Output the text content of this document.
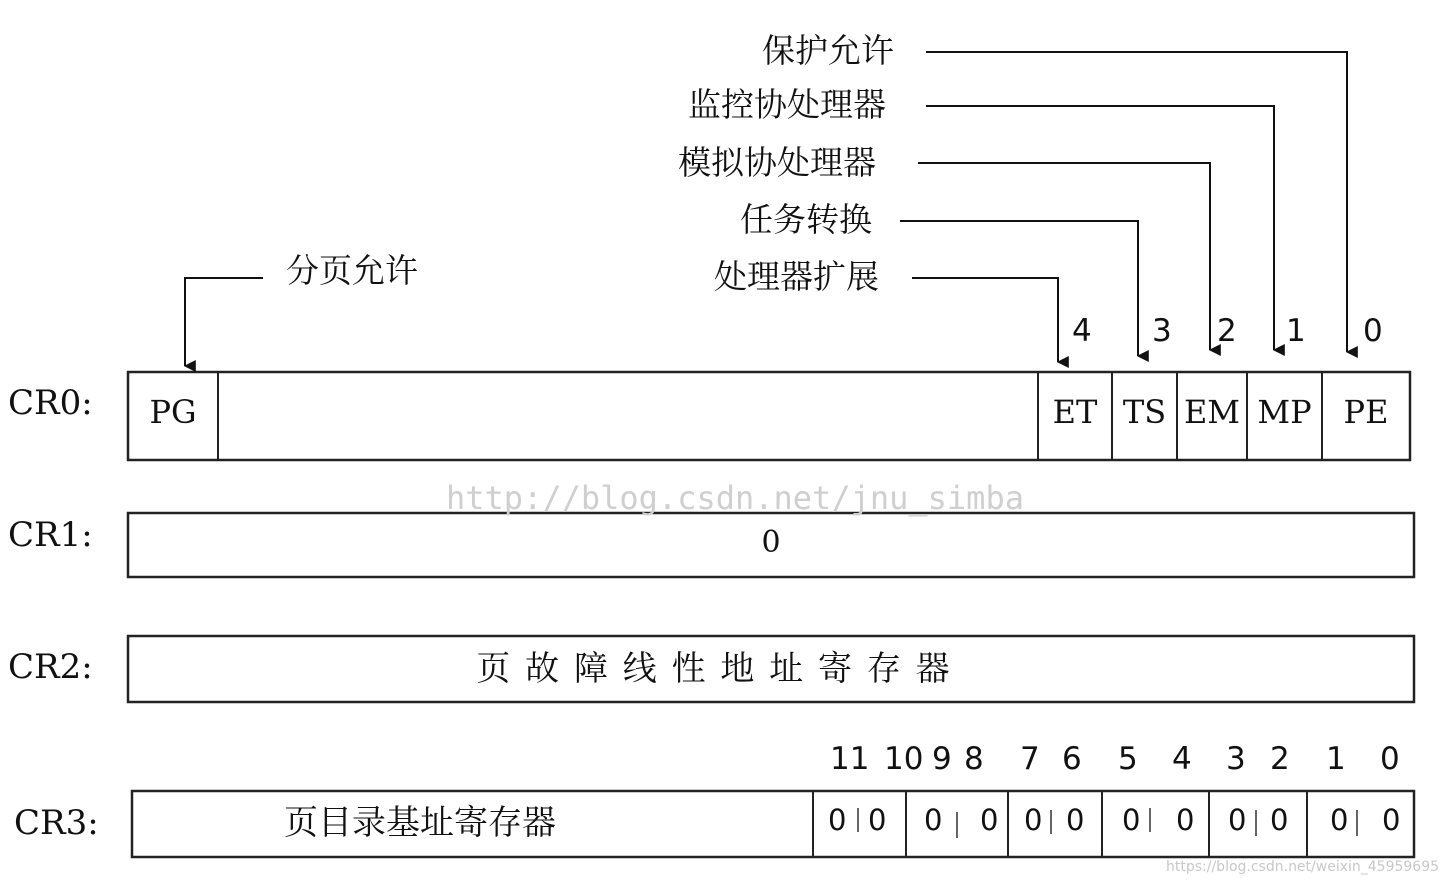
CR0:
CR1:
CR2:
CR3:
PG	ET TS EM MP PE
4 3 2 1 0
分页允许
保护允许
监控协处理器
模拟协处理器
任务转换
处理器扩展
http://blog.csdn.net/jnu_simba
0
页 故 障 线 性 地 址 寄 存 器
11 10 9 8 7 6 5 4 3 2 1 0
页目录基址寄存器	0 0 0 0 0 0 0 0 0 0 0 0
https://blog.csdn.net/weixin_45959695
